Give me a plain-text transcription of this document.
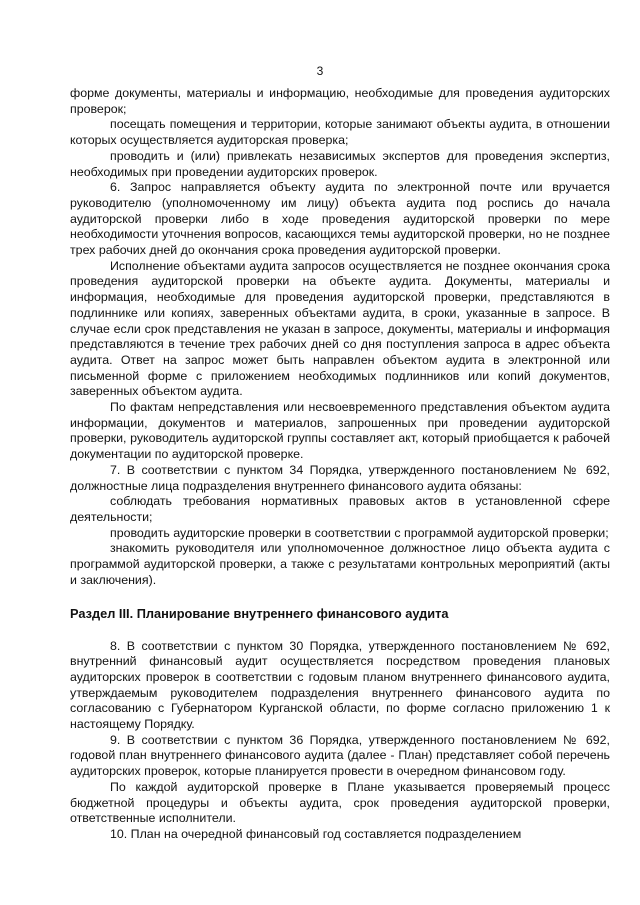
3

форме документы, материалы и информацию, необходимые для проведения аудиторских проверок;

посещать помещения и территории, которые занимают объекты аудита, в отношении которых осуществляется аудиторская проверка;

проводить и (или) привлекать независимых экспертов для проведения экспертиз, необходимых при проведении аудиторских проверок.

6. Запрос направляется объекту аудита по электронной почте или вручается руководителю (уполномоченному им лицу) объекта аудита под роспись до начала аудиторской проверки либо в ходе проведения аудиторской проверки по мере необходимости уточнения вопросов, касающихся темы аудиторской проверки, но не позднее трех рабочих дней до окончания срока проведения аудиторской проверки.

Исполнение объектами аудита запросов осуществляется не позднее окончания срока проведения аудиторской проверки на объекте аудита. Документы, материалы и информация, необходимые для проведения аудиторской проверки, представляются в подлиннике или копиях, заверенных объектами аудита, в сроки, указанные в запросе. В случае если срок представления не указан в запросе, документы, материалы и информация представляются в течение трех рабочих дней со дня поступления запроса в адрес объекта аудита. Ответ на запрос может быть направлен объектом аудита в электронной или письменной форме с приложением необходимых подлинников или копий документов, заверенных объектом аудита.

По фактам непредставления или несвоевременного представления объектом аудита информации, документов и материалов, запрошенных при проведении аудиторской проверки, руководитель аудиторской группы составляет акт, который приобщается к рабочей документации по аудиторской проверке.

7. В соответствии с пунктом 34 Порядка, утвержденного постановлением № 692, должностные лица подразделения внутреннего финансового аудита обязаны:

соблюдать требования нормативных правовых актов в установленной сфере деятельности;

проводить аудиторские проверки в соответствии с программой аудиторской проверки;

знакомить руководителя или уполномоченное должностное лицо объекта аудита с программой аудиторской проверки, а также с результатами контрольных мероприятий (акты и заключения).

Раздел III. Планирование внутреннего финансового аудита

8. В соответствии с пунктом 30 Порядка, утвержденного постановлением № 692, внутренний финансовый аудит осуществляется посредством проведения плановых аудиторских проверок в соответствии с годовым планом внутреннего финансового аудита, утверждаемым руководителем подразделения внутреннего финансового аудита по согласованию с Губернатором Курганской области, по форме согласно приложению 1 к настоящему Порядку.

9. В соответствии с пунктом 36 Порядка, утвержденного постановлением № 692, годовой план внутреннего финансового аудита (далее - План) представляет собой перечень аудиторских проверок, которые планируется провести в очередном финансовом году.

По каждой аудиторской проверке в Плане указывается проверяемый процесс бюджетной процедуры и объекты аудита, срок проведения аудиторской проверки, ответственные исполнители.

10. План на очередной финансовый год составляется подразделением
